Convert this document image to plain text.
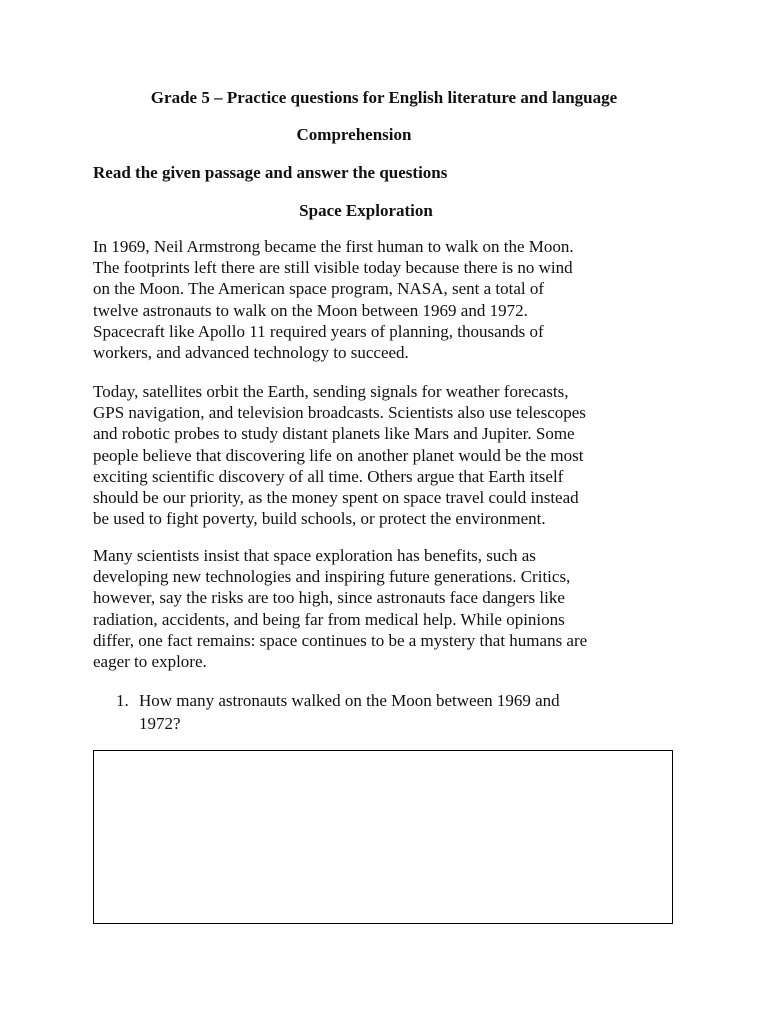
Grade 5 – Practice questions for English literature and language
Comprehension
Read the given passage and answer the questions
Space Exploration

In 1969, Neil Armstrong became the first human to walk on the Moon.
The footprints left there are still visible today because there is no wind
on the Moon. The American space program, NASA, sent a total of
twelve astronauts to walk on the Moon between 1969 and 1972.
Spacecraft like Apollo 11 required years of planning, thousands of
workers, and advanced technology to succeed.

Today, satellites orbit the Earth, sending signals for weather forecasts,
GPS navigation, and television broadcasts. Scientists also use telescopes
and robotic probes to study distant planets like Mars and Jupiter. Some
people believe that discovering life on another planet would be the most
exciting scientific discovery of all time. Others argue that Earth itself
should be our priority, as the money spent on space travel could instead
be used to fight poverty, build schools, or protect the environment.

Many scientists insist that space exploration has benefits, such as
developing new technologies and inspiring future generations. Critics,
however, say the risks are too high, since astronauts face dangers like
radiation, accidents, and being far from medical help. While opinions
differ, one fact remains: space continues to be a mystery that humans are
eager to explore.

1. How many astronauts walked on the Moon between 1969 and
1972?
